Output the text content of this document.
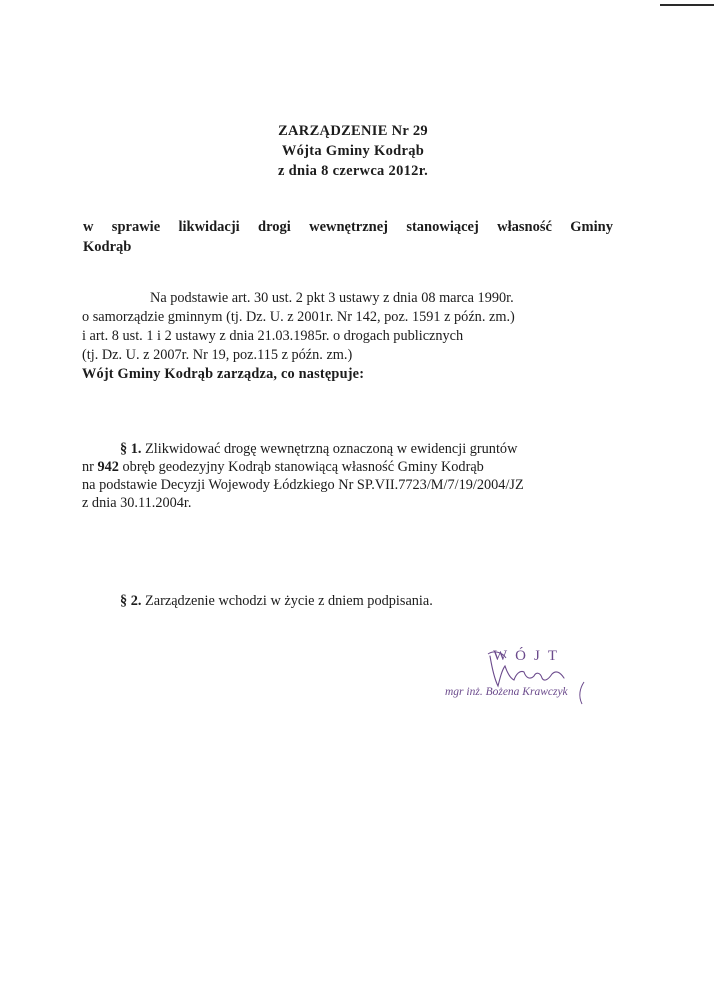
ZARZĄDZENIE Nr 29
Wójta Gminy Kodrąb
z dnia 8 czerwca 2012r.
w sprawie likwidacji drogi wewnętrznej stanowiącej własność Gminy
Kodrąb
Na podstawie art. 30 ust. 2 pkt 3 ustawy z dnia 08 marca 1990r.
o samorządzie gminnym (tj. Dz. U. z 2001r. Nr 142, poz. 1591 z późn. zm.)
i art. 8 ust. 1 i 2 ustawy z dnia 21.03.1985r. o drogach publicznych
(tj. Dz. U. z 2007r. Nr 19, poz.115 z późn. zm.)
Wójt Gminy Kodrąb zarządza, co następuje:
§ 1. Zlikwidować drogę wewnętrzną oznaczoną w ewidencji gruntów
nr 942 obręb geodezyjny Kodrąb stanowiącą własność Gminy Kodrąb
na podstawie Decyzji Wojewody Łódzkiego Nr SP.VII.7723/M/7/19/2004/JZ
z dnia 30.11.2004r.
§ 2. Zarządzenie wchodzi w życie z dniem podpisania.
WÓJT
mgr inż. Bożena Krawczyk
